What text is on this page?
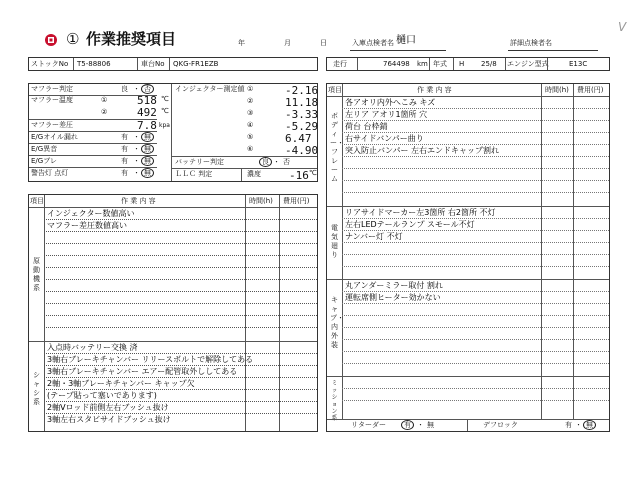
① 作業推奨項目	年	月	日	入庫点検者名 樋口	詳細点検者名
V
ストックNo T5-88806	車台No QKG-FR1EZB	走行	764498 km 年式 H 25/8 エンジン型式	E13C
マフラー判定	良 ・ 否
マフラー温度	①	518 ℃
②	492 ℃
マフラー差圧	7.8 kpa
E/Gオイル漏れ	有 ・ 無
E/G異音	有 ・ 無
E/Gブレ	有 ・ 無
警告灯 点灯	有 ・ 無
インジェクター測定値 ①	-2.16
②	11.18
③	-3.33
④	-5.29
⑤	6.47
⑥	-4.90
バッテリー判定	良 ・ 否
ＬＬＣ 判定	濃度	-16 ℃
項目	作 業 内 容	時間(h) 費用(円)
原動機系
インジェクター数値高い
マフラー差圧数値高い
シャシ系
入点時バッテリー交換 済
3軸右ブレーキチャンバー リリースボルトで解除してある
3軸右ブレーキチャンバー エアー配管取外ししてある
2軸・3軸ブレーキチャンバー キャップ欠
(テープ貼って塞いであります)
2軸Vロッド前側左右ブッシュ抜け
3軸左右スタビサイドブッシュ抜け
項目	作 業 内 容	時間(h) 費用(円)
ボディー・フレーム
各アオリ内外へこみ キズ
左リア アオリ1箇所 穴
荷台 台枠錆
右サイドバンパー曲り
突入防止バンパー 左右エンドキャップ割れ
電気廻り
リアサイドマーカー左3箇所 右2箇所 不灯
左右LEDテールランプ スモール不灯
ナンバー灯 不灯
キャブ・内外装
丸アンダーミラー取付 割れ
運転席側ヒーター効かない
ミッション系
リターダー	有 ・ 無	デフロック	有 ・ 無
